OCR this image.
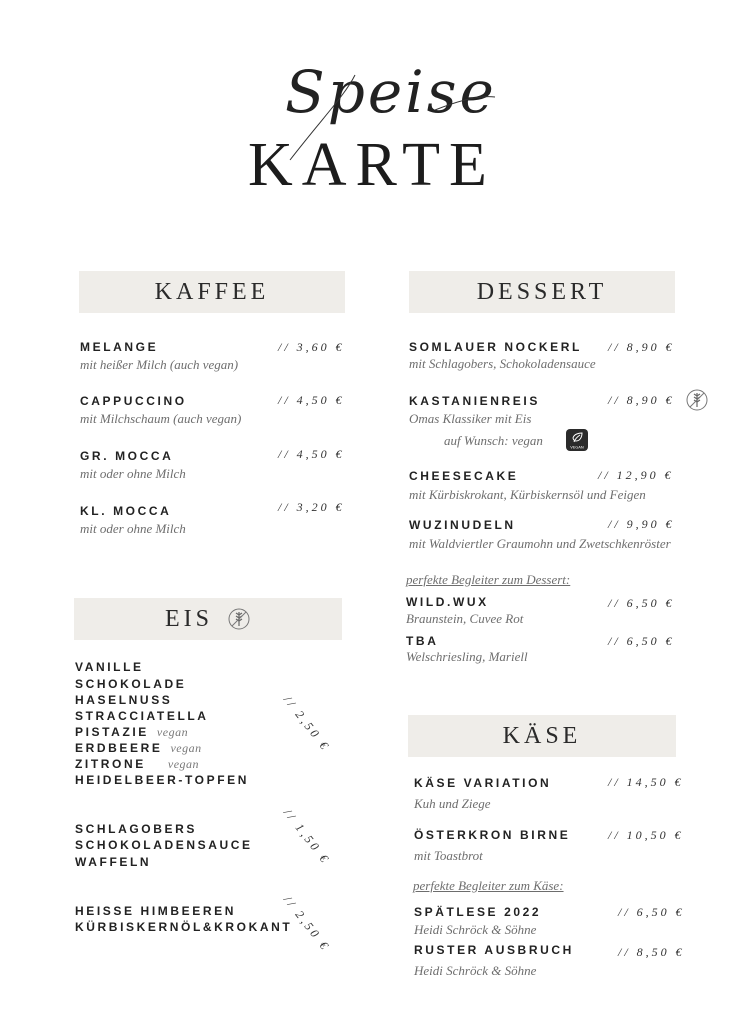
Speise
KARTE
KAFFEE
MELANGE
mit heißer Milch (auch vegan)
// 3,60 €
CAPPUCCINO
mit Milchschaum (auch vegan)
// 4,50 €
GR. MOCCA
mit oder ohne Milch
// 4,50 €
KL. MOCCA
mit oder ohne Milch
// 3,20 €
EIS
VANILLE
SCHOKOLADE
HASELNUSS
STRACCIATELLA
PISTAZIE vegan
ERDBEERE vegan
ZITRONE vegan
HEIDELBEER-TOPFEN
// 2,50 €
SCHLAGOBERS
SCHOKOLADENSAUCE
WAFFELN	// 1,50 €
HEISSE HIMBEEREN
KÜRBISKERNÖL&KROKANT
// 2,50 €
DESSERT
SOMLAUER NOCKERL
mit Schlagobers, Schokoladensauce
// 8,90 €
KASTANIENREIS
Omas Klassiker mit Eis
auf Wunsch: vegan
// 8,90 €
VEGAN
CHEESECAKE
mit Kürbiskrokant, Kürbiskernsöl und Feigen
// 12,90 €
WUZINUDELN
mit Waldviertler Graumohn und Zwetschkenröster
// 9,90 €
perfekte Begleiter zum Dessert:
WILD.WUX
Braunstein, Cuvee Rot
// 6,50 €
TBA
Welschriesling, Mariell
// 6,50 €
KÄSE
KÄSE VARIATION
Kuh und Ziege
// 14,50 €
ÖSTERKRON BIRNE
mit Toastbrot
// 10,50 €
perfekte Begleiter zum Käse:
SPÄTLESE 2022
Heidi Schröck & Söhne
// 6,50 €
RUSTER AUSBRUCH
Heidi Schröck & Söhne
// 8,50 €
